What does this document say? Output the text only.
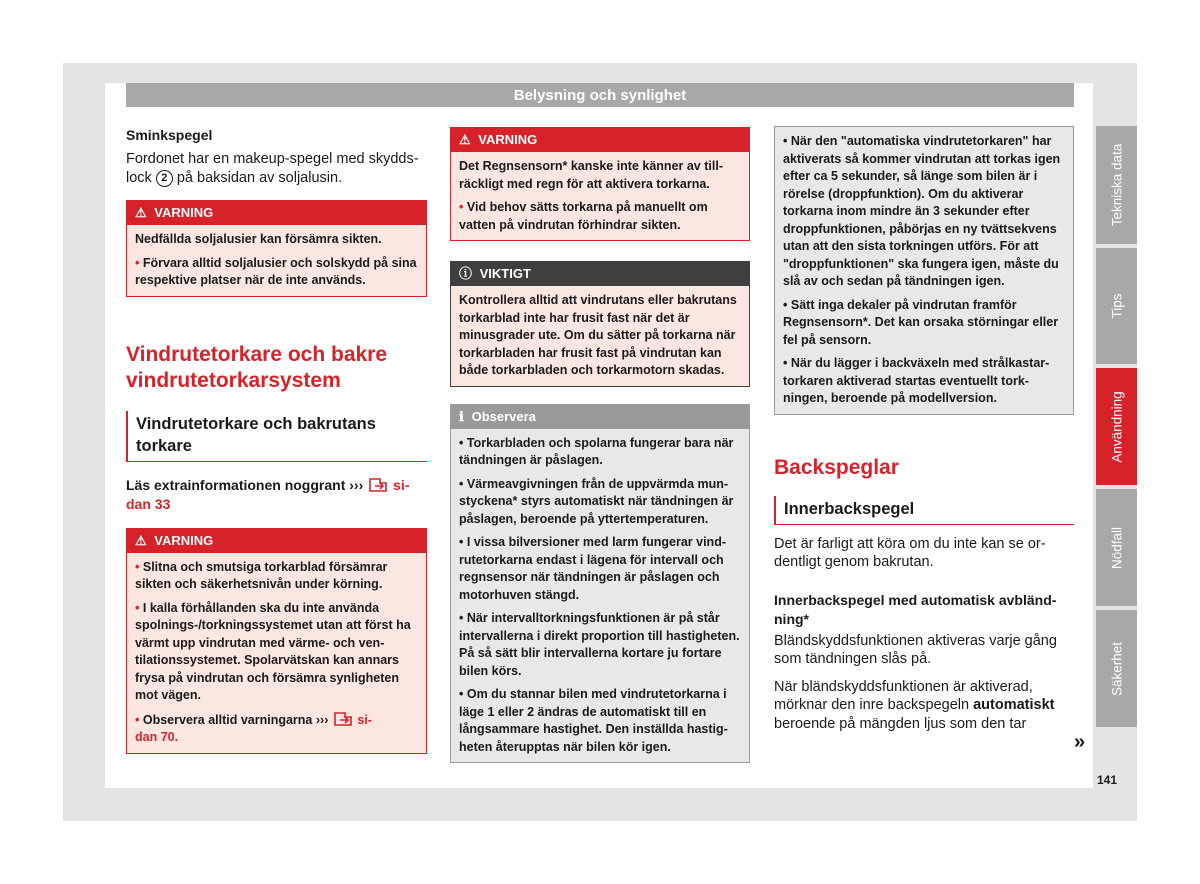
Belysning och synlighet

Sminkspegel

Fordonet har en makeup-spegel med skydds-
lock 2 på baksidan av soljalusin.

⚠ VARNING

Nedfällda soljalusier kan försämra sikten.

• Förvara alltid soljalusier och solskydd på sina respektive platser när de inte används.

Vindrutetorkare och bakre vindrutetorkarsystem
Vindrutetorkare och bakrutans torkare

Läs extrainformationen noggrant ››› si-
dan 33

⚠ VARNING

• Slitna och smutsiga torkarblad försämrar sikten och säkerhetsnivån under körning.

• I kalla förhållanden ska du inte använda spolnings-/torkningssystemet utan att först ha värmt upp vindrutan med värme- och ventilationssystemet. Spolarvätskan kan annars frysa på vindrutan och försämra synligheten mot vägen.

• Observera alltid varningarna ››› si-
dan 70.

⚠ VARNING

Det Regnsensorn* kanske inte känner av tillräckligt med regn för att aktivera torkarna.

• Vid behov sätts torkarna på manuellt om vatten på vindrutan förhindrar sikten.

ⓘ VIKTIGT

Kontrollera alltid att vindrutans eller bakrutans torkarblad inte har frusit fast när det är minusgrader ute. Om du sätter på torkarna när torkarbladen har frusit fast på vindrutan kan både torkarbladen och torkarmotorn skadas.

ℹ Observera

• Torkarbladen och spolarna fungerar bara när tändningen är påslagen.

• Värmeavgivningen från de uppvärmda munstyckena* styrs automatiskt när tändningen är påslagen, beroende på yttertemperaturen.

• I vissa bilversioner med larm fungerar vindrutetorkarna endast i lägena för intervall och regnsensor när tändningen är påslagen och motorhuven stängd.

• När intervalltorkningsfunktionen är på står intervallerna i direkt proportion till hastigheten. På så sätt blir intervallerna kortare ju fortare bilen körs.

• Om du stannar bilen med vindrutetorkarna i läge 1 eller 2 ändras de automatiskt till en långsammare hastighet. Den inställda hastigheten återupptas när bilen kör igen.

• När den "automatiska vindrutetorkaren" har aktiverats så kommer vindrutan att torkas igen efter ca 5 sekunder, så länge som bilen är i rörelse (droppfunktion). Om du aktiverar torkarna inom mindre än 3 sekunder efter droppfunktionen, påbörjas en ny tvättsekvens utan att den sista torkningen utförs. För att "droppfunktionen" ska fungera igen, måste du slå av och sedan på tändningen igen.

• Sätt inga dekaler på vindrutan framför Regnsensorn*. Det kan orsaka störningar eller fel på sensorn.

• När du lägger i backväxeln med strålkastartorkaren aktiverad startas eventuellt torkningen, beroende på modellversion.

Backspeglar
Innerbackspegel

Det är farligt att köra om du inte kan se ordentligt genom bakrutan.

Innerbackspegel med automatisk avbländning*

Bländskyddsfunktionen aktiveras varje gång som tändningen slås på.

När bländskyddsfunktionen är aktiverad, mörknar den inre backspegeln automatiskt beroende på mängden ljus som den tar

»
Tekniska data
Tips
Användning
Nödfall
Säkerhet
141
